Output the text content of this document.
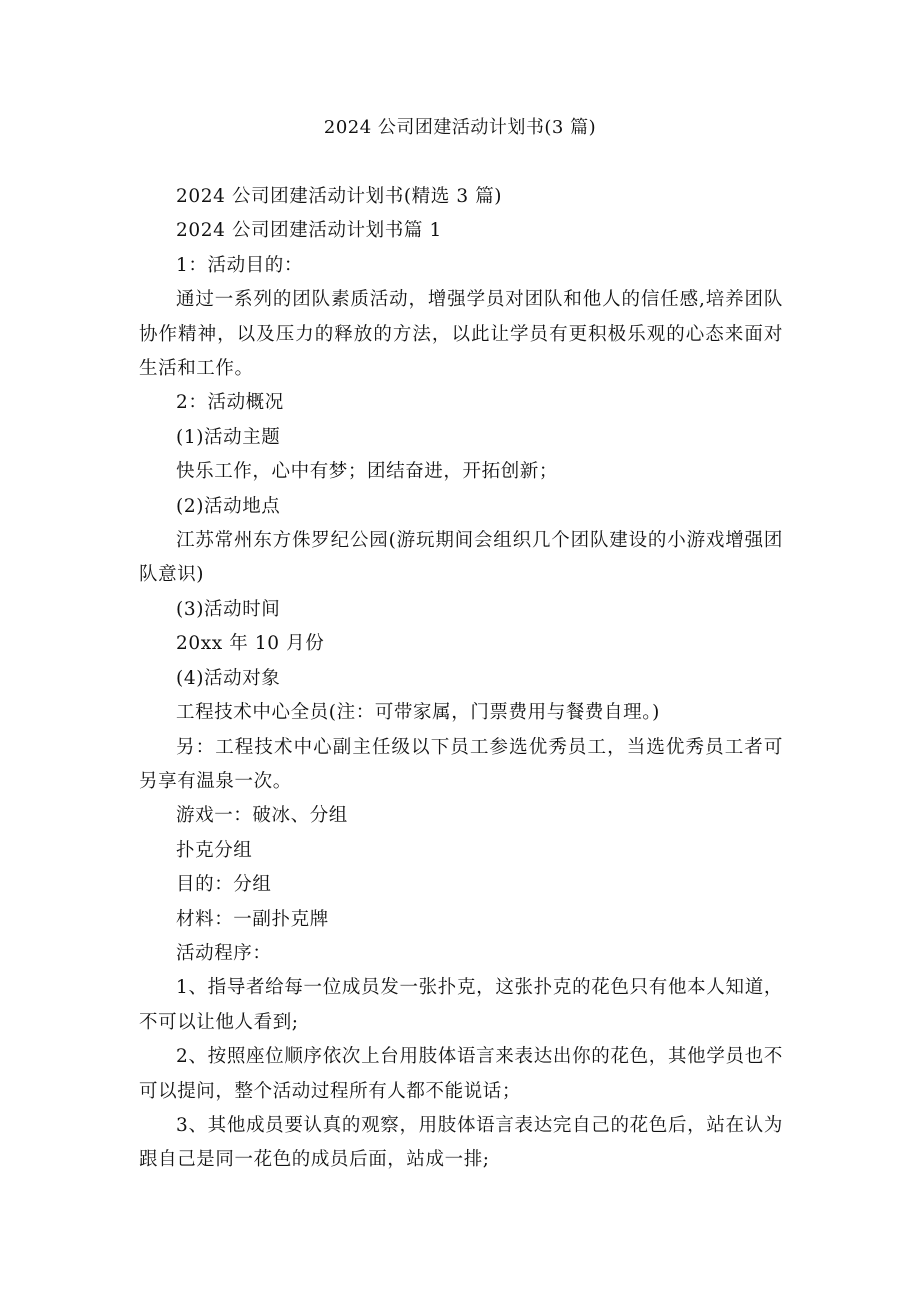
2024 公司团建活动计划书(3 篇)

2024 公司团建活动计划书(精选 3 篇)

2024 公司团建活动计划书篇 1

1：活动目的：

通过一系列的团队素质活动，增强学员对团队和他人的信任感,培养团队协作精神，以及压力的释放的方法，以此让学员有更积极乐观的心态来面对生活和工作。

2：活动概况

(1)活动主题

快乐工作，心中有梦；团结奋进，开拓创新；

(2)活动地点

江苏常州东方侏罗纪公园(游玩期间会组织几个团队建设的小游戏增强团队意识)

(3)活动时间

20xx 年 10 月份

(4)活动对象

工程技术中心全员(注：可带家属，门票费用与餐费自理。)

另：工程技术中心副主任级以下员工参选优秀员工，当选优秀员工者可另享有温泉一次。

游戏一：破冰、分组

扑克分组

目的：分组

材料：一副扑克牌

活动程序：

1、指导者给每一位成员发一张扑克，这张扑克的花色只有他本人知道，不可以让他人看到;

2、按照座位顺序依次上台用肢体语言来表达出你的花色，其他学员也不可以提问，整个活动过程所有人都不能说话；

3、其他成员要认真的观察，用肢体语言表达完自己的花色后，站在认为跟自己是同一花色的成员后面，站成一排;
